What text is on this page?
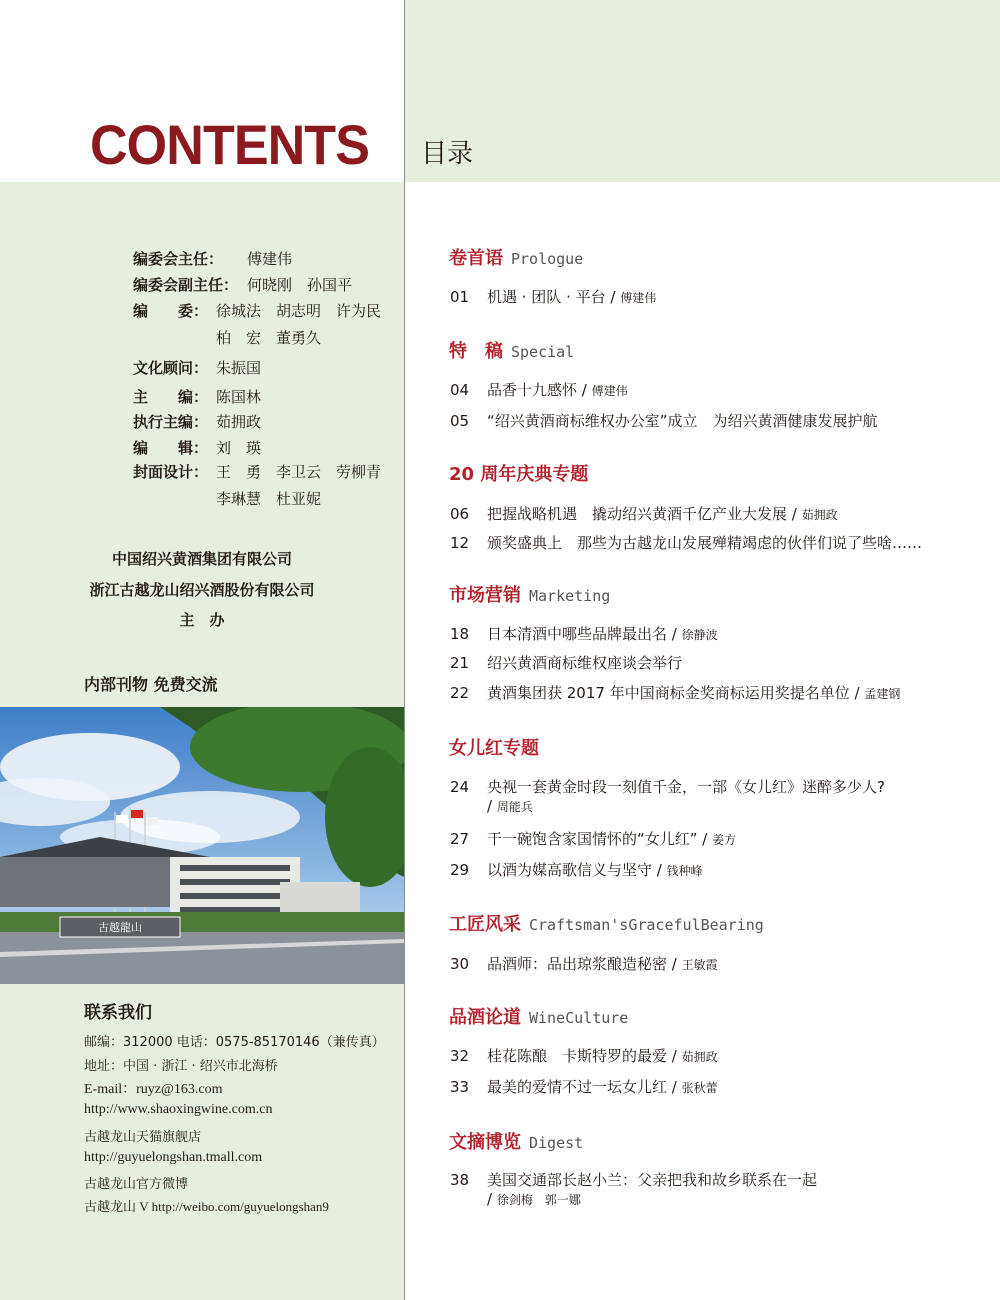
CONTENTS 目录
编委会主任： 傅建伟
编委会副主任： 何晓刚　孙国平
编　　委： 徐城法　胡志明　许为民
柏　宏　董勇久
文化顾问： 朱振国
主　　编： 陈国林
执行主编： 茹拥政
编　　辑： 刘　瑛
封面设计： 王　勇　李卫云　劳柳青
李琳慧　杜亚妮
中国绍兴黄酒集团有限公司
浙江古越龙山绍兴酒股份有限公司
主　办
内部刊物 免费交流
古越龍山
联系我们
邮编：312000 电话：0575-85170146（兼传真）
地址：中国 · 浙江 · 绍兴市北海桥
E-mail：ruyz@163.com
http://www.shaoxingwine.com.cn
古越龙山天猫旗舰店
http://guyuelongshan.tmall.com
古越龙山官方微博
古越龙山 V http://weibo.com/guyuelongshan9
卷首语 Prologue
01 机遇 · 团队 · 平台 / 傅建伟
特　稿 Special
04 品香十九感怀 / 傅建伟
05 “绍兴黄酒商标维权办公室”成立　为绍兴黄酒健康发展护航
20 周年庆典专题
06 把握战略机遇　撬动绍兴黄酒千亿产业大发展 / 茹拥政
12 颁奖盛典上　那些为古越龙山发展殚精竭虑的伙伴们说了些啥……
市场营销 Marketing
18 日本清酒中哪些品牌最出名 / 徐静波
21 绍兴黄酒商标维权座谈会举行
22 黄酒集团获 2017 年中国商标金奖商标运用奖提名单位 / 孟建钢
女儿红专题
24 央视一套黄金时段一刻值千金，一部《女儿红》迷醉多少人?
/ 周能兵
27 干一碗饱含家国情怀的“女儿红” / 姜方
29 以酒为媒高歌信义与坚守 / 钱种峰
工匠风采 Craftsman'sGracefulBearing
30 品酒师：品出琼浆酿造秘密 / 王敏霞
品酒论道 WineCulture
32 桂花陈酿　卡斯特罗的最爱 / 茹拥政
33 最美的爱情不过一坛女儿红 / 张秋蕾
文摘博览 Digest
38 美国交通部长赵小兰：父亲把我和故乡联系在一起
/ 徐剑梅　郭一娜
